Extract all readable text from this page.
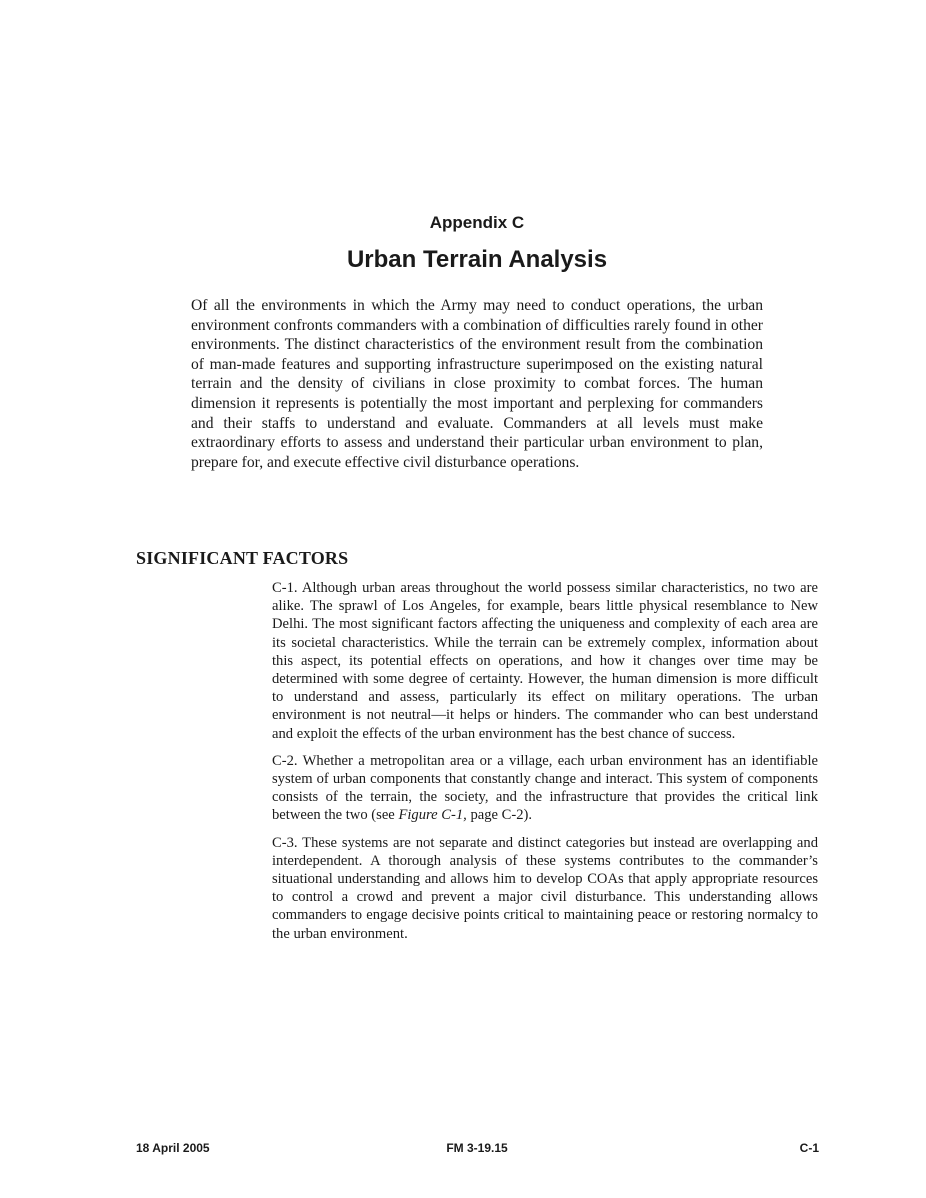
Appendix C
Urban Terrain Analysis

Of all the environments in which the Army may need to conduct operations, the urban environment confronts commanders with a combination of difficulties rarely found in other environments. The distinct characteristics of the environment result from the combination of man-made features and supporting infrastructure superimposed on the existing natural terrain and the density of civilians in close proximity to combat forces. The human dimension it represents is potentially the most important and perplexing for commanders and their staffs to understand and evaluate. Commanders at all levels must make extraordinary efforts to assess and understand their particular urban environment to plan, prepare for, and execute effective civil disturbance operations.

SIGNIFICANT FACTORS

C-1. Although urban areas throughout the world possess similar characteristics, no two are alike. The sprawl of Los Angeles, for example, bears little physical resemblance to New Delhi. The most significant factors affecting the uniqueness and complexity of each area are its societal characteristics. While the terrain can be extremely complex, information about this aspect, its potential effects on operations, and how it changes over time may be determined with some degree of certainty. However, the human dimension is more difficult to understand and assess, particularly its effect on military operations. The urban environment is not neutral—it helps or hinders. The commander who can best understand and exploit the effects of the urban environment has the best chance of success.

C-2. Whether a metropolitan area or a village, each urban environment has an identifiable system of urban components that constantly change and interact. This system of components consists of the terrain, the society, and the infrastructure that provides the critical link between the two (see Figure C-1, page C-2).

C-3. These systems are not separate and distinct categories but instead are overlapping and interdependent. A thorough analysis of these systems contributes to the commander’s situational understanding and allows him to develop COAs that apply appropriate resources to control a crowd and prevent a major civil disturbance. This understanding allows commanders to engage decisive points critical to maintaining peace or restoring normalcy to the urban environment.

18 April 2005	FM 3-19.15	C-1
